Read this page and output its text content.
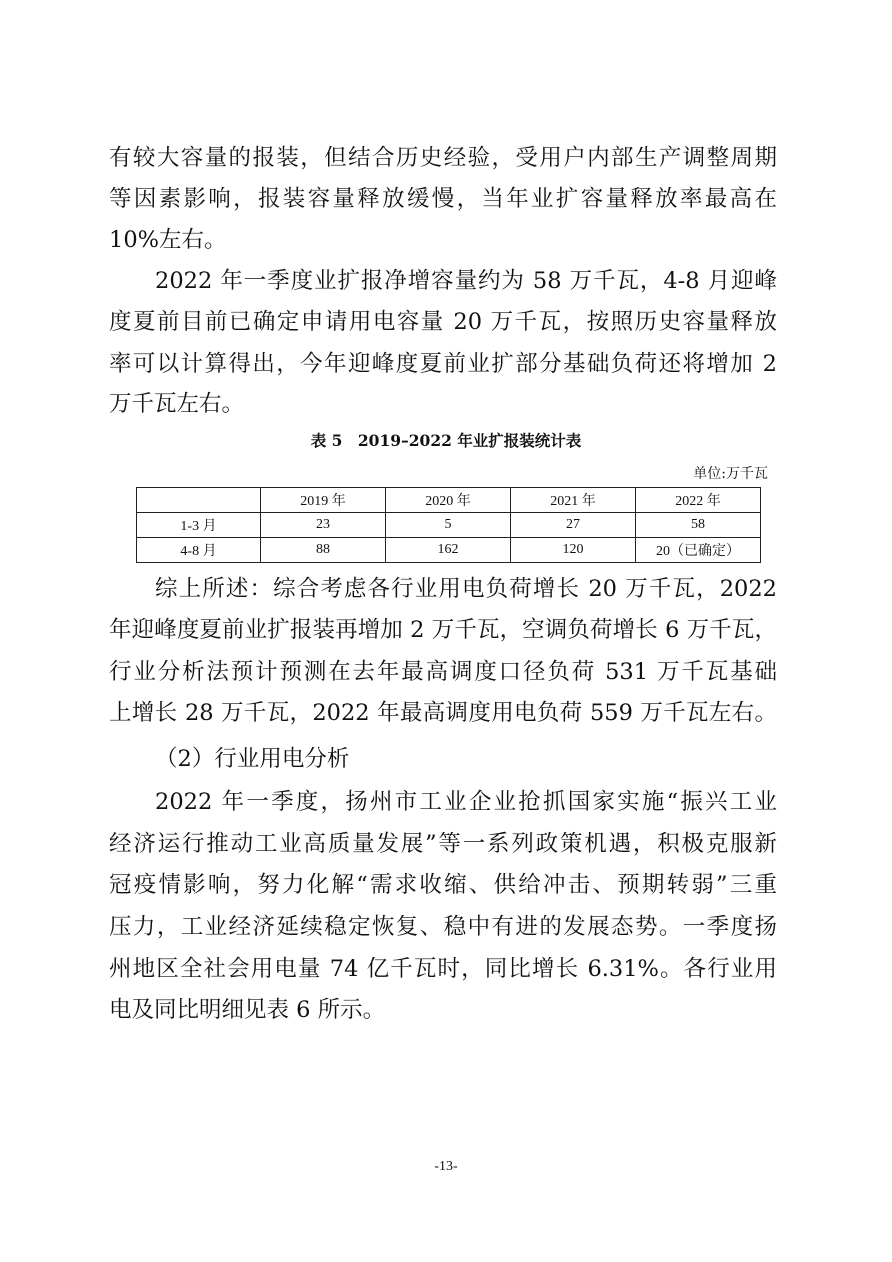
有较大容量的报装，但结合历史经验，受用户内部生产调整周期
等因素影响，报装容量释放缓慢，当年业扩容量释放率最高在
10%左右。
2022 年一季度业扩报净增容量约为 58 万千瓦，4-8 月迎峰
度夏前目前已确定申请用电容量 20 万千瓦，按照历史容量释放
率可以计算得出，今年迎峰度夏前业扩部分基础负荷还将增加 2
万千瓦左右。
表 5　2019–2022 年业扩报装统计表
单位:万千瓦
	2019 年	2020 年	2021 年	2022 年
1-3 月	23	5	27	58
4-8 月	88	162	120	20（已确定）
综上所述：综合考虑各行业用电负荷增长 20 万千瓦，2022
年迎峰度夏前业扩报装再增加 2 万千瓦，空调负荷增长 6 万千瓦，
行业分析法预计预测在去年最高调度口径负荷 531 万千瓦基础
上增长 28 万千瓦，2022 年最高调度用电负荷 559 万千瓦左右。
（2）行业用电分析
2022 年一季度，扬州市工业企业抢抓国家实施“振兴工业
经济运行推动工业高质量发展”等一系列政策机遇，积极克服新
冠疫情影响，努力化解“需求收缩、供给冲击、预期转弱”三重
压力，工业经济延续稳定恢复、稳中有进的发展态势。一季度扬
州地区全社会用电量 74 亿千瓦时，同比增长 6.31%。各行业用
电及同比明细见表 6 所示。
-13-
